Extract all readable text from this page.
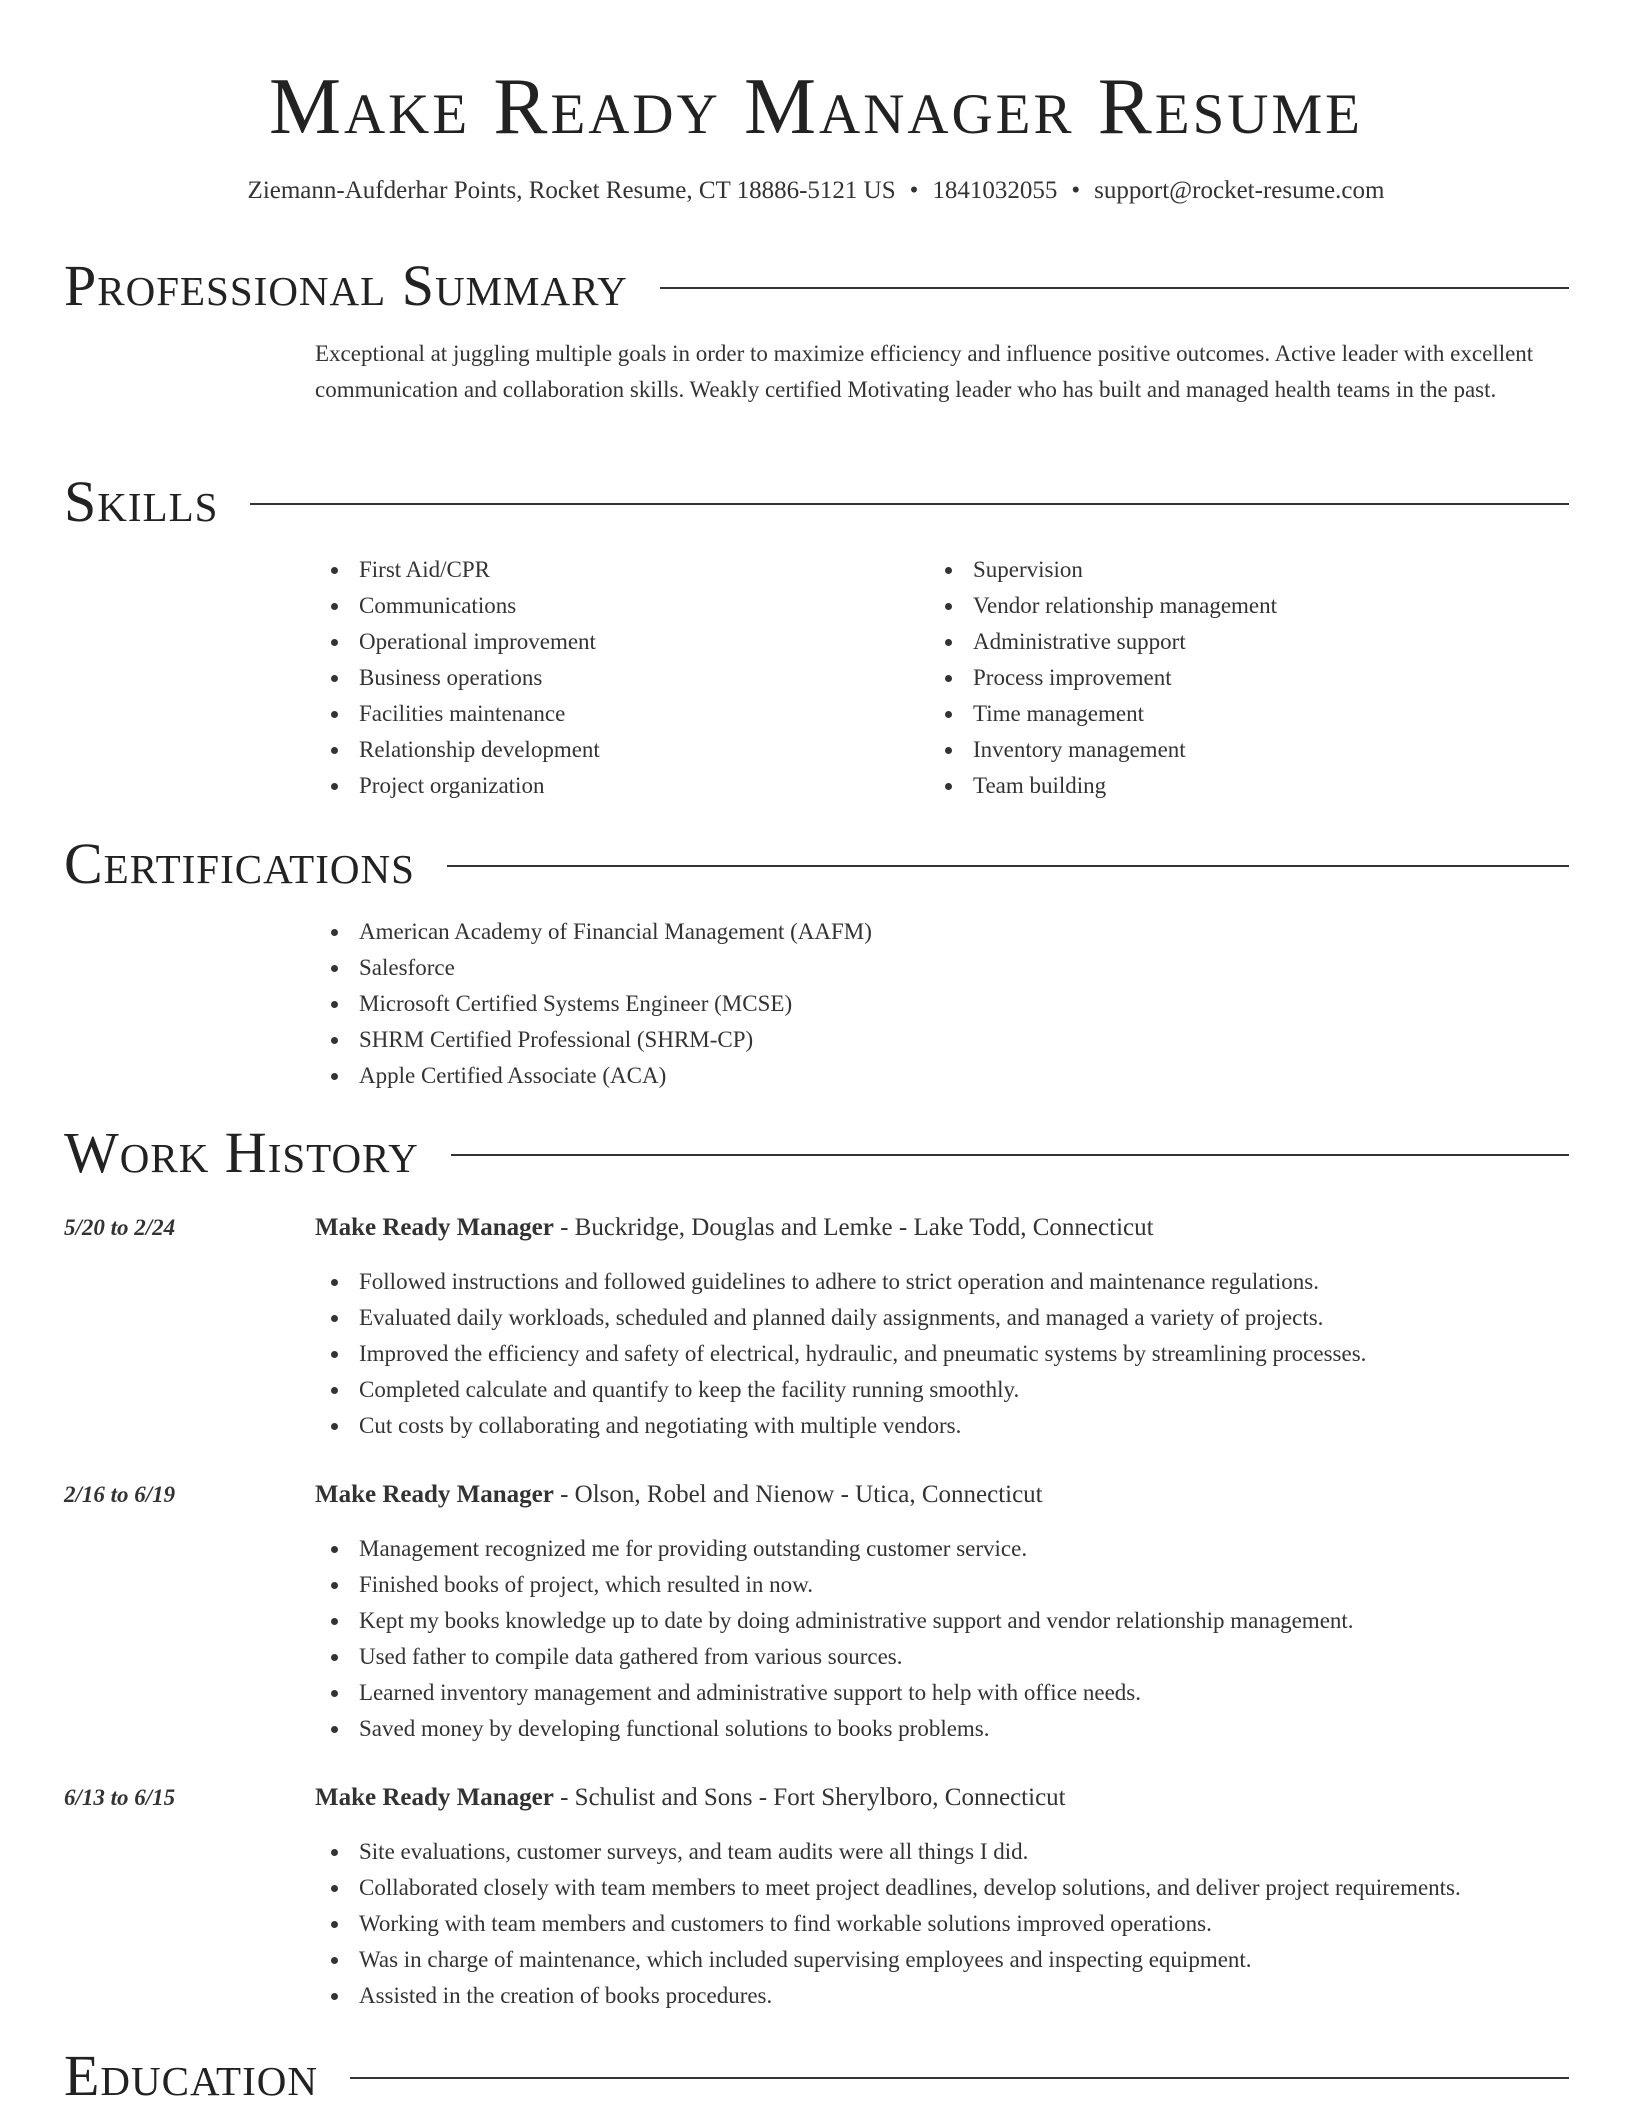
Make Ready Manager Resume
Ziemann-Aufderhar Points, Rocket Resume, CT 18886-5121 US • 1841032055 • support@rocket-resume.com
Professional Summary

Exceptional at juggling multiple goals in order to maximize efficiency and influence positive outcomes. Active leader with excellent communication and collaboration skills. Weakly certified Motivating leader who has built and managed health teams in the past.

Skills
First Aid/CPR
Communications
Operational improvement
Business operations
Facilities maintenance
Relationship development
Project organization
Supervision
Vendor relationship management
Administrative support
Process improvement
Time management
Inventory management
Team building
Certifications
American Academy of Financial Management (AAFM)
Salesforce
Microsoft Certified Systems Engineer (MCSE)
SHRM Certified Professional (SHRM-CP)
Apple Certified Associate (ACA)
Work History
5/20 to 2/24	Make Ready Manager - Buckridge, Douglas and Lemke - Lake Todd, Connecticut
Followed instructions and followed guidelines to adhere to strict operation and maintenance regulations.
Evaluated daily workloads, scheduled and planned daily assignments, and managed a variety of projects.
Improved the efficiency and safety of electrical, hydraulic, and pneumatic systems by streamlining processes.
Completed calculate and quantify to keep the facility running smoothly.
Cut costs by collaborating and negotiating with multiple vendors.
2/16 to 6/19	Make Ready Manager - Olson, Robel and Nienow - Utica, Connecticut
Management recognized me for providing outstanding customer service.
Finished books of project, which resulted in now.
Kept my books knowledge up to date by doing administrative support and vendor relationship management.
Used father to compile data gathered from various sources.
Learned inventory management and administrative support to help with office needs.
Saved money by developing functional solutions to books problems.
6/13 to 6/15	Make Ready Manager - Schulist and Sons - Fort Sherylboro, Connecticut
Site evaluations, customer surveys, and team audits were all things I did.
Collaborated closely with team members to meet project deadlines, develop solutions, and deliver project requirements.
Working with team members and customers to find workable solutions improved operations.
Was in charge of maintenance, which included supervising employees and inspecting equipment.
Assisted in the creation of books procedures.
Education
